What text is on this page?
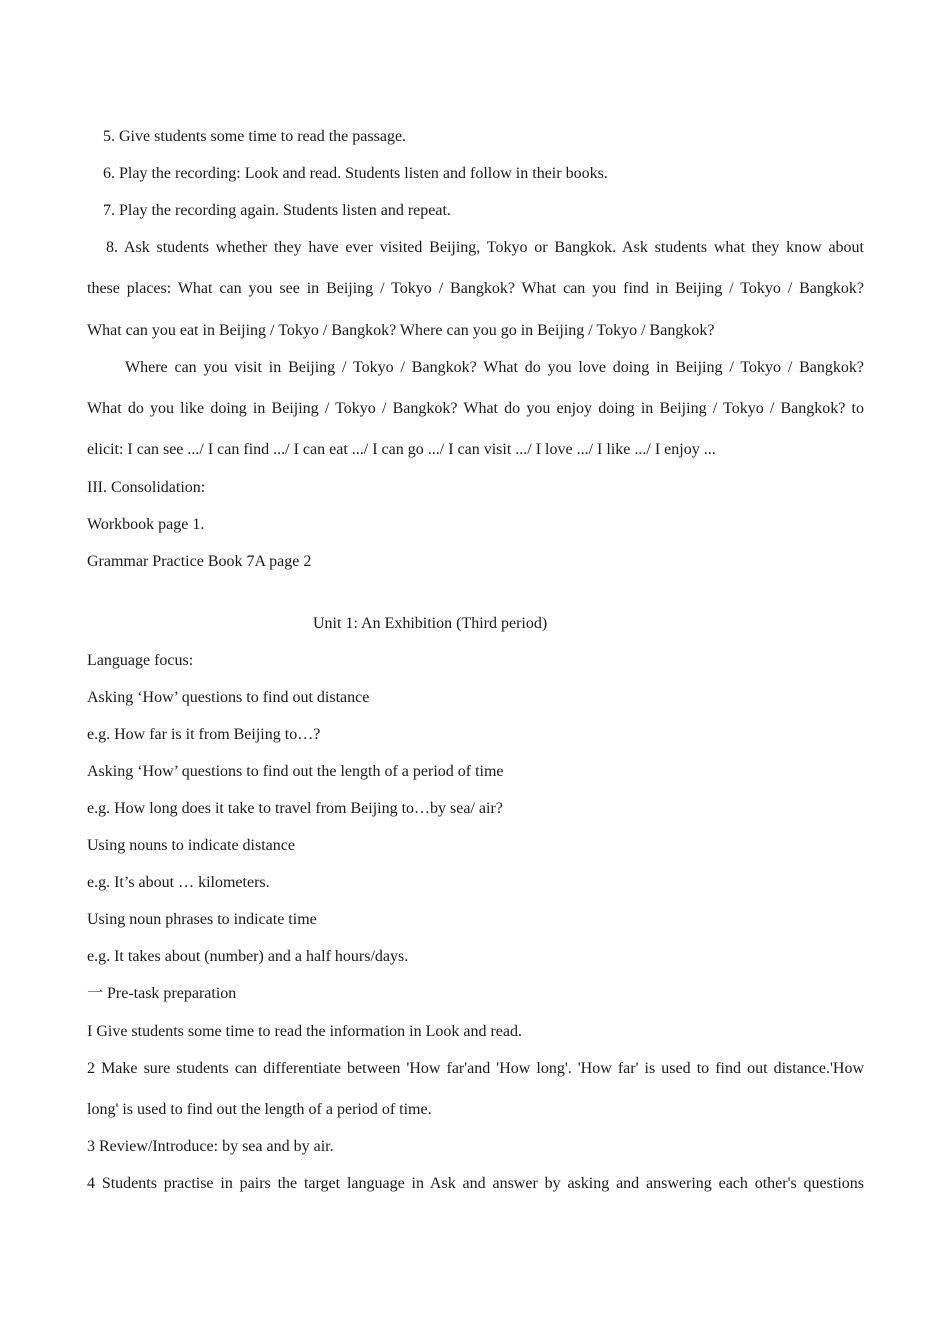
5. Give students some time to read the passage.
6. Play the recording: Look and read. Students listen and follow in their books.
7. Play the recording again. Students listen and repeat.
8. Ask students whether they have ever visited Beijing, Tokyo or Bangkok. Ask students what they know about
these places: What can you see in Beijing / Tokyo / Bangkok? What can you find in Beijing / Tokyo / Bangkok?
What can you eat in Beijing / Tokyo / Bangkok? Where can you go in Beijing / Tokyo / Bangkok?
Where can you visit in Beijing / Tokyo / Bangkok? What do you love doing in Beijing / Tokyo / Bangkok?
What do you like doing in Beijing / Tokyo / Bangkok? What do you enjoy doing in Beijing / Tokyo / Bangkok? to
elicit: I can see .../ I can find .../ I can eat .../ I can go .../ I can visit .../ I love .../ I like .../ I enjoy ...
III. Consolidation:
Workbook page 1.
Grammar Practice Book 7A page 2
Unit 1: An Exhibition (Third period)
Language focus:
Asking ‘How’ questions to find out distance
e.g. How far is it from Beijing to…?
Asking ‘How’ questions to find out the length of a period of time
e.g. How long does it take to travel from Beijing to…by sea/ air?
Using nouns to indicate distance
e.g. It’s about … kilometers.
Using noun phrases to indicate time
e.g. It takes about (number) and a half hours/days.
一 Pre-task preparation
I Give students some time to read the information in Look and read.
2 Make sure students can differentiate between 'How far'and 'How long'. 'How far' is used to find out distance.'How
long' is used to find out the length of a period of time.
3 Review/Introduce: by sea and by air.
4 Students practise in pairs the target language in Ask and answer by asking and answering each other's questions
